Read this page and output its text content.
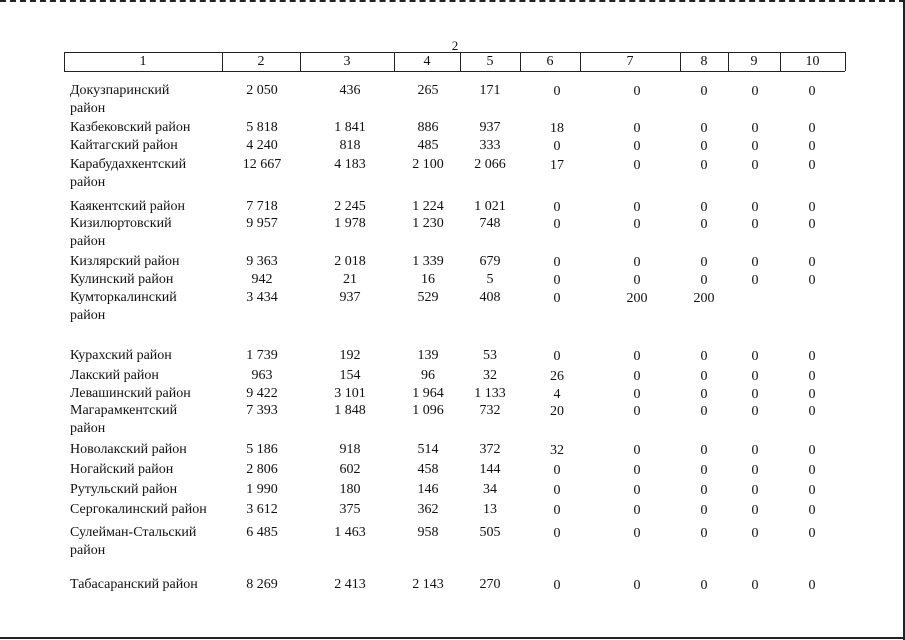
2
1	2	3	4	5	6	7	8	9	10
Докузпаринский
район
2 050	436	265	171	0	0	0	0	0
Казбековский район	5 818	1 841	886	937	18	0	0	0	0
Кайтагский район	4 240	818	485	333	0	0	0	0	0
Карабудахкентский
район
12 667	4 183	2 100	2 066	17	0	0	0	0
Каякентский район	7 718	2 245	1 224	1 021	0	0	0	0	0
Кизилюртовский
район
9 957	1 978	1 230	748	0	0	0	0	0
Кизлярский район	9 363	2 018	1 339	679	0	0	0	0	0
Кулинский район	942	21	16	5	0	0	0	0	0
Кумторкалинский
район
3 434	937	529	408	0	200	200
Курахский район	1 739	192	139	53	0	0	0	0	0
Лакский район	963	154	96	32	26	0	0	0	0
Левашинский район	9 422	3 101	1 964	1 133	4	0	0	0	0
Магарамкентский
район
7 393	1 848	1 096	732	20	0	0	0	0
Новолакский район	5 186	918	514	372	32	0	0	0	0
Ногайский район	2 806	602	458	144	0	0	0	0	0
Рутульский район	1 990	180	146	34	0	0	0	0	0
Сергокалинский район	3 612	375	362	13	0	0	0	0	0
Сулейман-Стальский
район
6 485	1 463	958	505	0	0	0	0	0
Табасаранский район	8 269	2 413	2 143	270	0	0	0	0	0
